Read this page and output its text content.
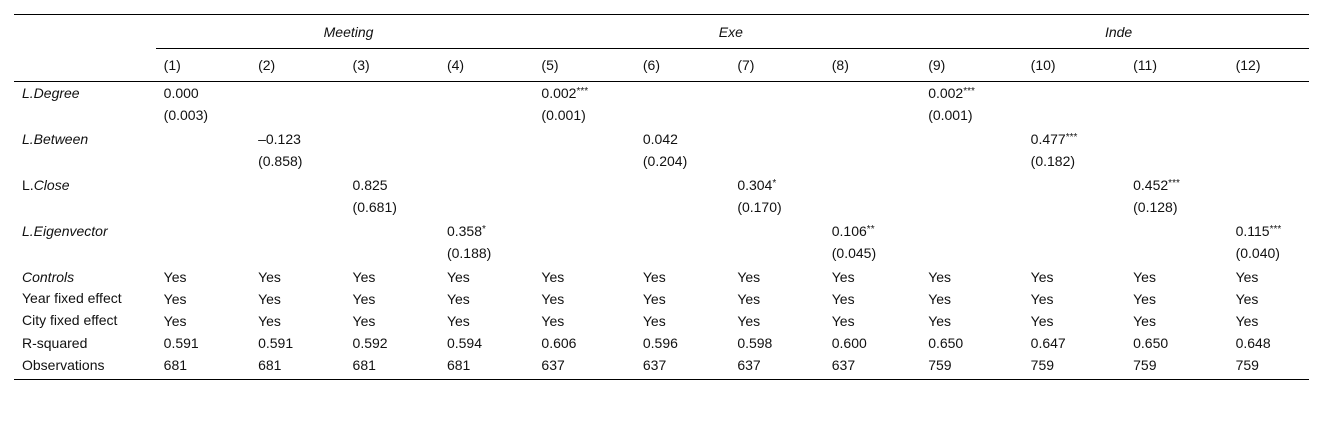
	Meeting				Exe				Inde			

	(1)	(2)	(3)	(4)	(5)	(6)	(7)	(8)	(9)	(10)	(11)	(12)
L.Degree	0.000				0.002***				0.002***			
	(0.003)				(0.001)				(0.001)			
L.Between		–0.123				0.042				0.477***		
		(0.858)				(0.204)				(0.182)		
L.Close			0.825				0.304*				0.452***	
			(0.681)				(0.170)				(0.128)	
L.Eigenvector				0.358*				0.106**				0.115***
				(0.188)				(0.045)				(0.040)
Controls	Yes	Yes	Yes	Yes	Yes	Yes	Yes	Yes	Yes	Yes	Yes	Yes
Year fixed effect	Yes	Yes	Yes	Yes	Yes	Yes	Yes	Yes	Yes	Yes	Yes	Yes
City fixed effect	Yes	Yes	Yes	Yes	Yes	Yes	Yes	Yes	Yes	Yes	Yes	Yes
R-squared	0.591	0.591	0.592	0.594	0.606	0.596	0.598	0.600	0.650	0.647	0.650	0.648
Observations	681	681	681	681	637	637	637	637	759	759	759	759
